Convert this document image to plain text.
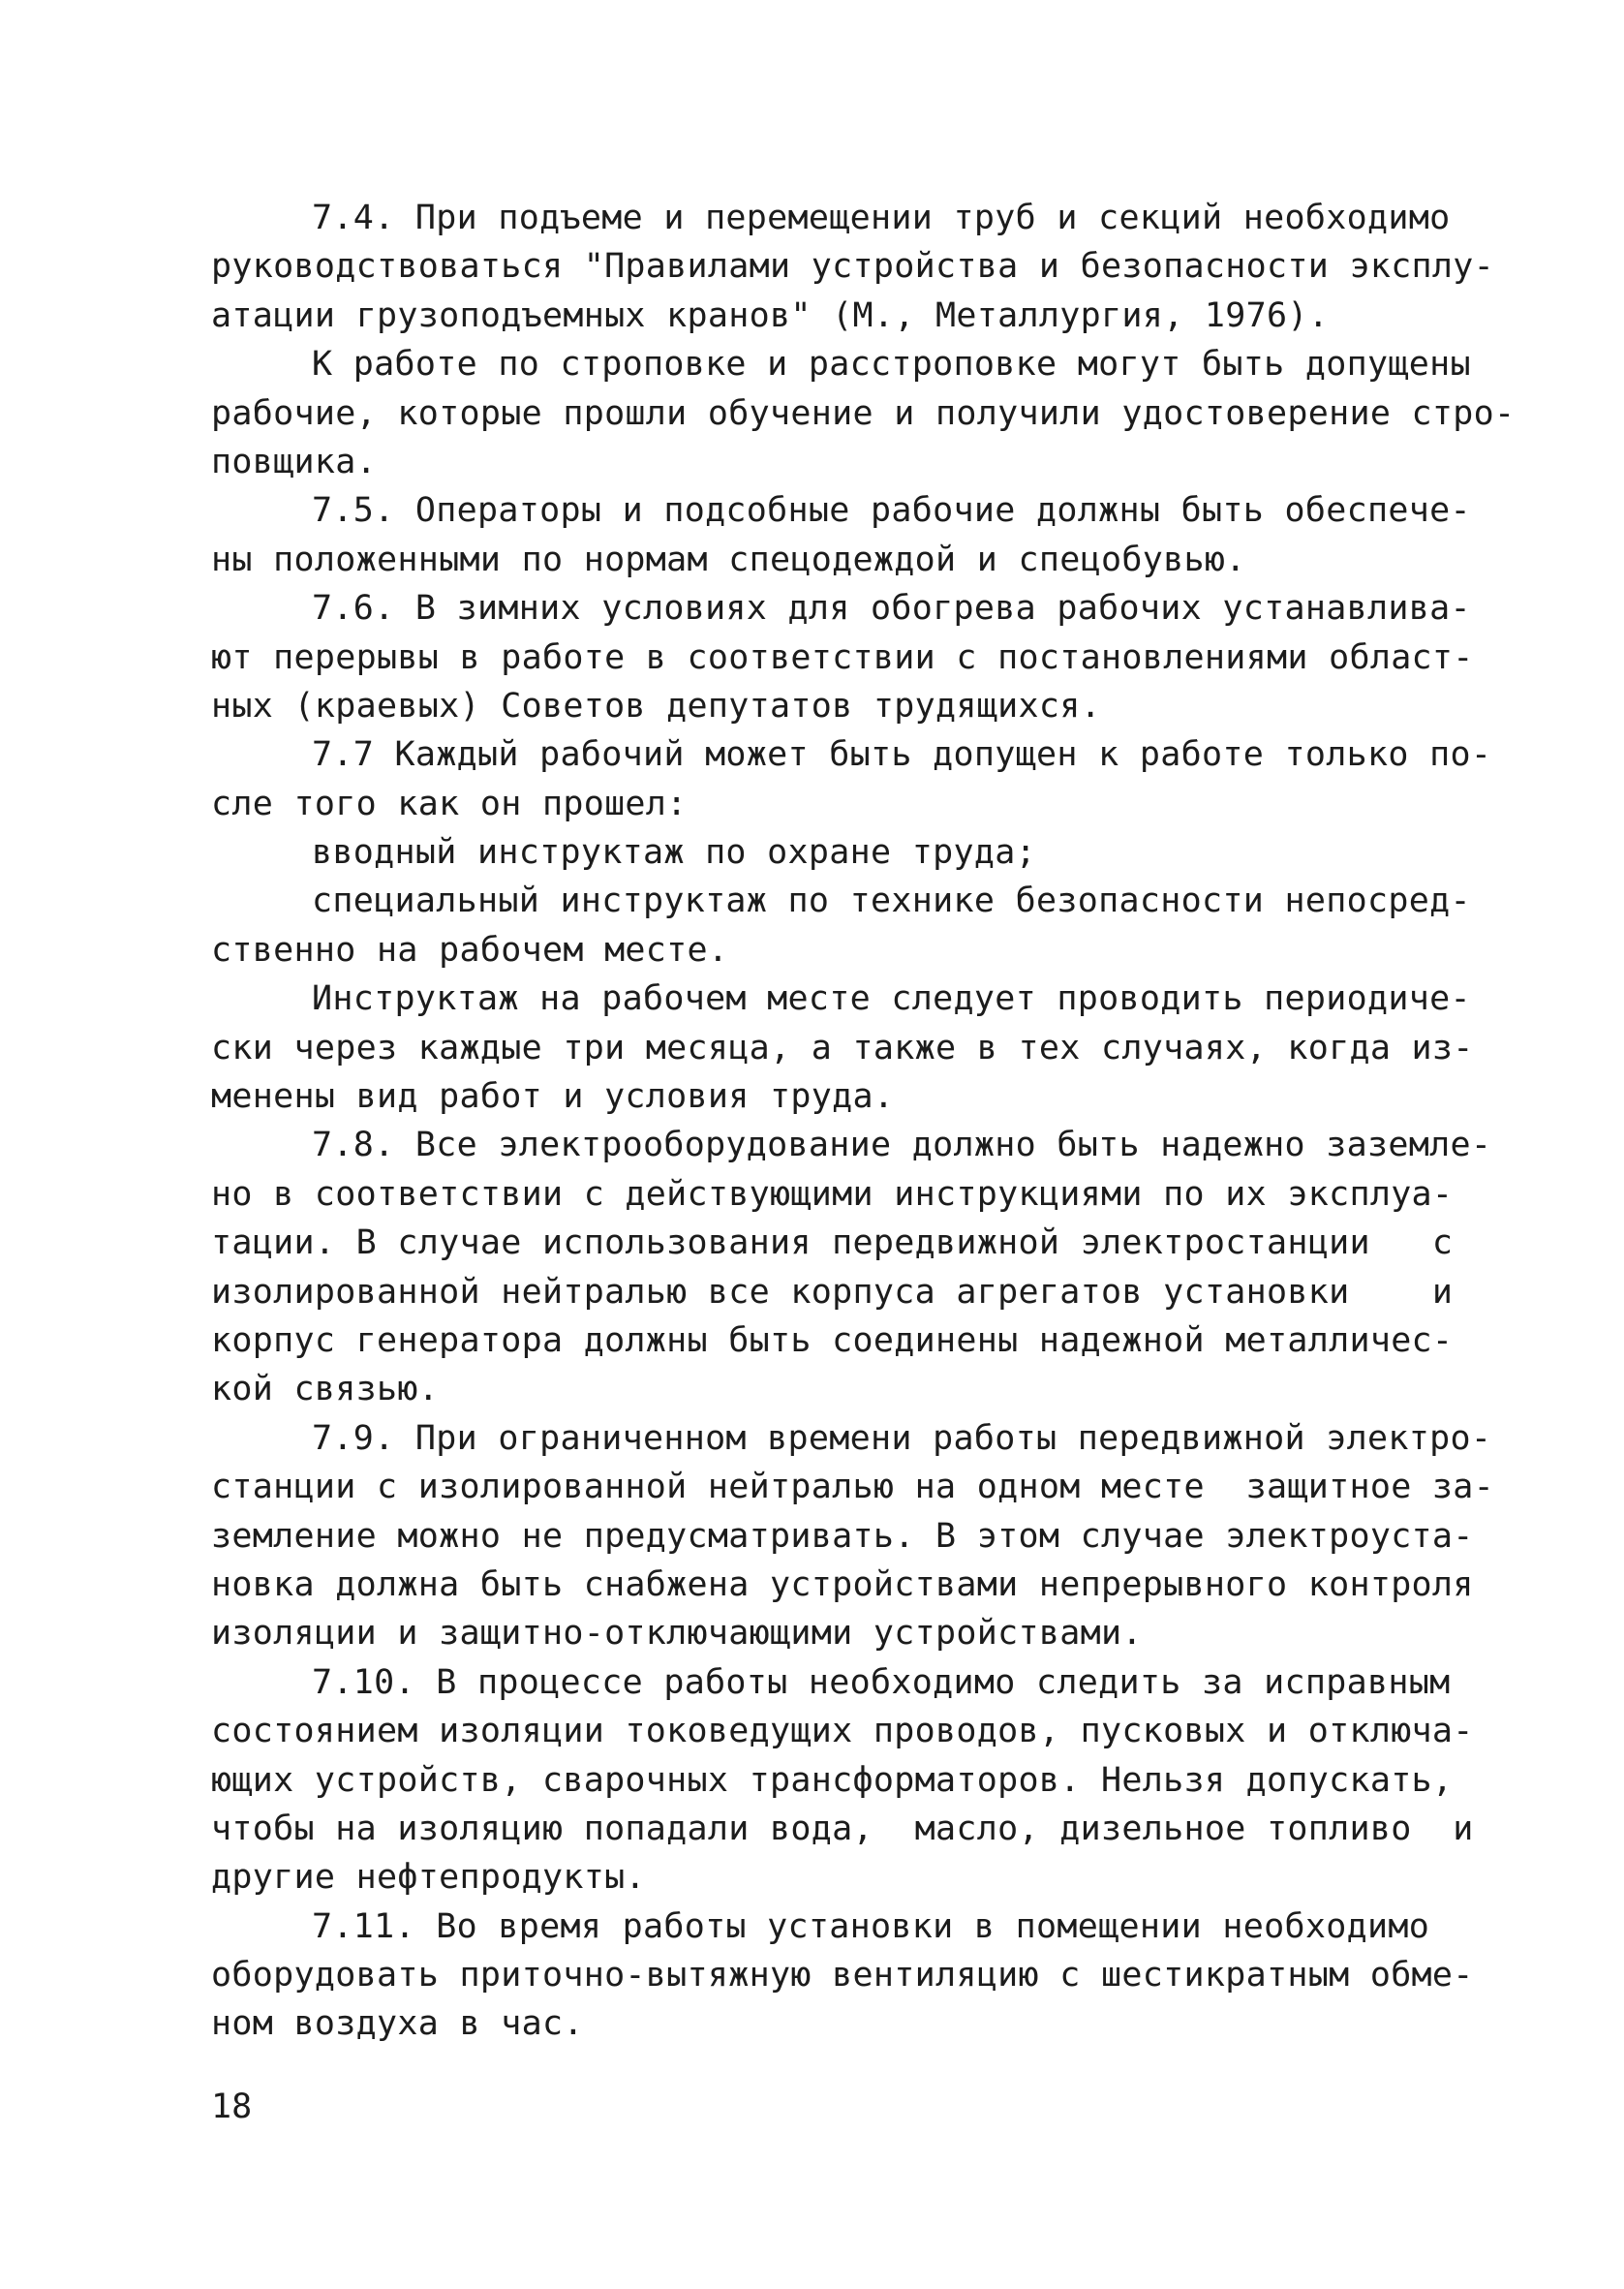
7.4. При подъеме и перемещении труб и секций необходимо
руководствоваться "Правилами устройства и безопасности эксплу-
атации грузоподъемных кранов" (М., Металлургия, 1976).
К работе по строповке и расстроповке могут быть допущены
рабочие, которые прошли обучение и получили удостоверение стро-
повщика.
7.5. Операторы и подсобные рабочие должны быть обеспече-
ны положенными по нормам спецодеждой и спецобувью.
7.6. В зимних условиях для обогрева рабочих устанавлива-
ют перерывы в работе в соответствии с постановлениями област-
ных (краевых) Советов депутатов трудящихся.
7.7 Каждый рабочий может быть допущен к работе только по-
сле того как он прошел:
вводный инструктаж по охране труда;
специальный инструктаж по технике безопасности непосред-
ственно на рабочем месте.
Инструктаж на рабочем месте следует проводить периодиче-
ски через каждые три месяца, а также в тех случаях, когда из-
менены вид работ и условия труда.
7.8. Все электрооборудование должно быть надежно заземле-
но в соответствии с действующими инструкциями по их эксплуа-
тации. В случае использования передвижной электростанции   с
изолированной нейтралью все корпуса агрегатов установки    и
корпус генератора должны быть соединены надежной металличес-
кой связью.
7.9. При ограниченном времени работы передвижной электро-
станции с изолированной нейтралью на одном месте  защитное за-
земление можно не предусматривать. В этом случае электроуста-
новка должна быть снабжена устройствами непрерывного контроля
изоляции и защитно-отключающими устройствами.
7.10. В процессе работы необходимо следить за исправным
состоянием изоляции токоведущих проводов, пусковых и отключа-
ющих устройств, сварочных трансформаторов. Нельзя допускать,
чтобы на изоляцию попадали вода,  масло, дизельное топливо  и
другие нефтепродукты.
7.11. Во время работы установки в помещении необходимо
оборудовать приточно-вытяжную вентиляцию с шестикратным обме-
ном воздуха в час.
18
